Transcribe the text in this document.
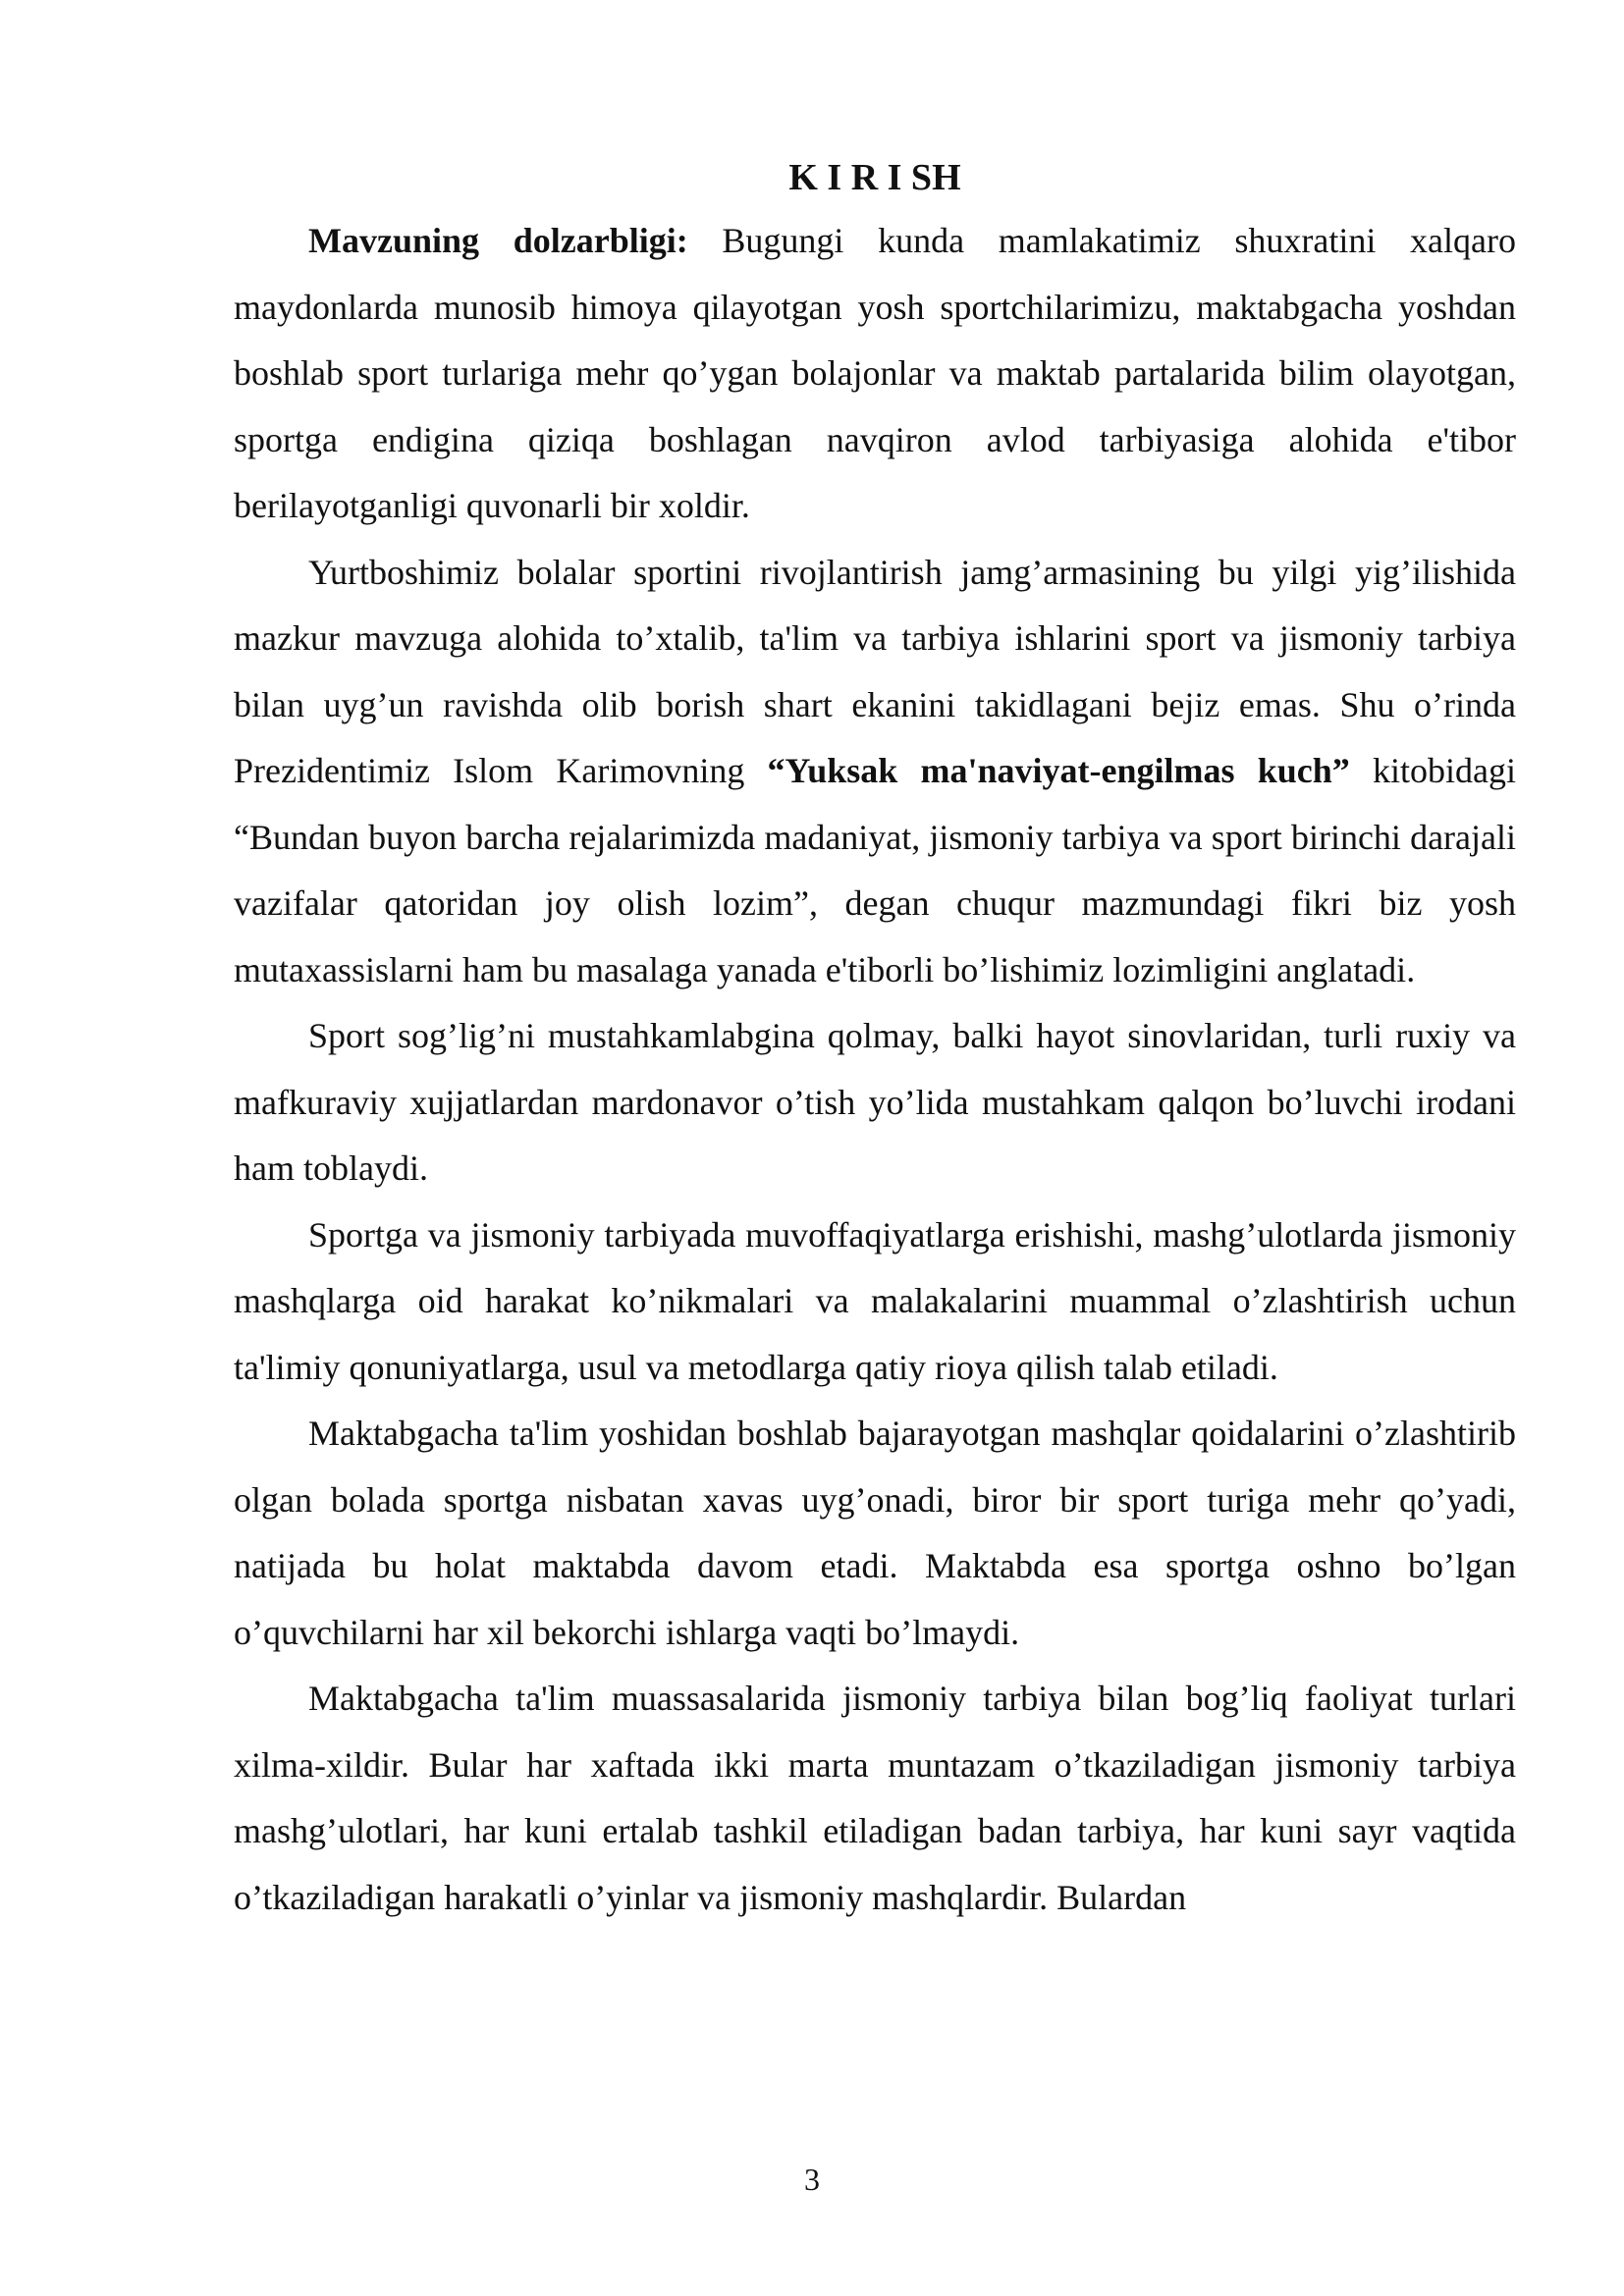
K I R I SH

Mavzuning dolzarbligi: Bugungi kunda mamlakatimiz shuxratini xalqaro maydonlarda munosib himoya qilayotgan yosh sportchilarimizu, maktabgacha yoshdan boshlab sport turlariga mehr qo’ygan bolajonlar va maktab partalarida bilim olayotgan, sportga endigina qiziqa boshlagan navqiron avlod tarbiyasiga alohida e'tibor berilayotganligi quvonarli bir xoldir.

Yurtboshimiz bolalar sportini rivojlantirish jamg’armasining bu yilgi yig’ilishida mazkur mavzuga alohida to’xtalib, ta'lim va tarbiya ishlarini sport va jismoniy tarbiya bilan uyg’un ravishda olib borish shart ekanini takidlagani bejiz emas. Shu o’rinda Prezidentimiz Islom Karimovning “Yuksak ma'naviyat-engilmas kuch” kitobidagi “Bundan buyon barcha rejalarimizda madaniyat, jismoniy tarbiya va sport birinchi darajali vazifalar qatoridan joy olish lozim”, degan chuqur mazmundagi fikri biz yosh mutaxassislarni ham bu masalaga yanada e'tiborli bo’lishimiz lozimligini anglatadi.

Sport sog’lig’ni mustahkamlabgina qolmay, balki hayot sinovlaridan, turli ruxiy va mafkuraviy xujjatlardan mardonavor o’tish yo’lida mustahkam qalqon bo’luvchi irodani ham toblaydi.

Sportga va jismoniy tarbiyada muvoffaqiyatlarga erishishi, mashg’ulotlarda jismoniy mashqlarga oid harakat ko’nikmalari va malakalarini muammal o’zlashtirish uchun ta'limiy qonuniyatlarga, usul va metodlarga qatiy rioya qilish talab etiladi.

Maktabgacha ta'lim yoshidan boshlab bajarayotgan mashqlar qoidalarini o’zlashtirib olgan bolada sportga nisbatan xavas uyg’onadi, biror bir sport turiga mehr qo’yadi, natijada bu holat maktabda davom etadi. Maktabda esa sportga oshno bo’lgan o’quvchilarni har xil bekorchi ishlarga vaqti bo’lmaydi.

Maktabgacha ta'lim muassasalarida jismoniy tarbiya bilan bog’liq faoliyat turlari xilma-xildir. Bular har xaftada ikki marta muntazam o’tkaziladigan jismoniy tarbiya mashg’ulotlari, har kuni ertalab tashkil etiladigan badan tarbiya, har kuni sayr vaqtida o’tkaziladigan harakatli o’yinlar va jismoniy mashqlardir. Bulardan

3
